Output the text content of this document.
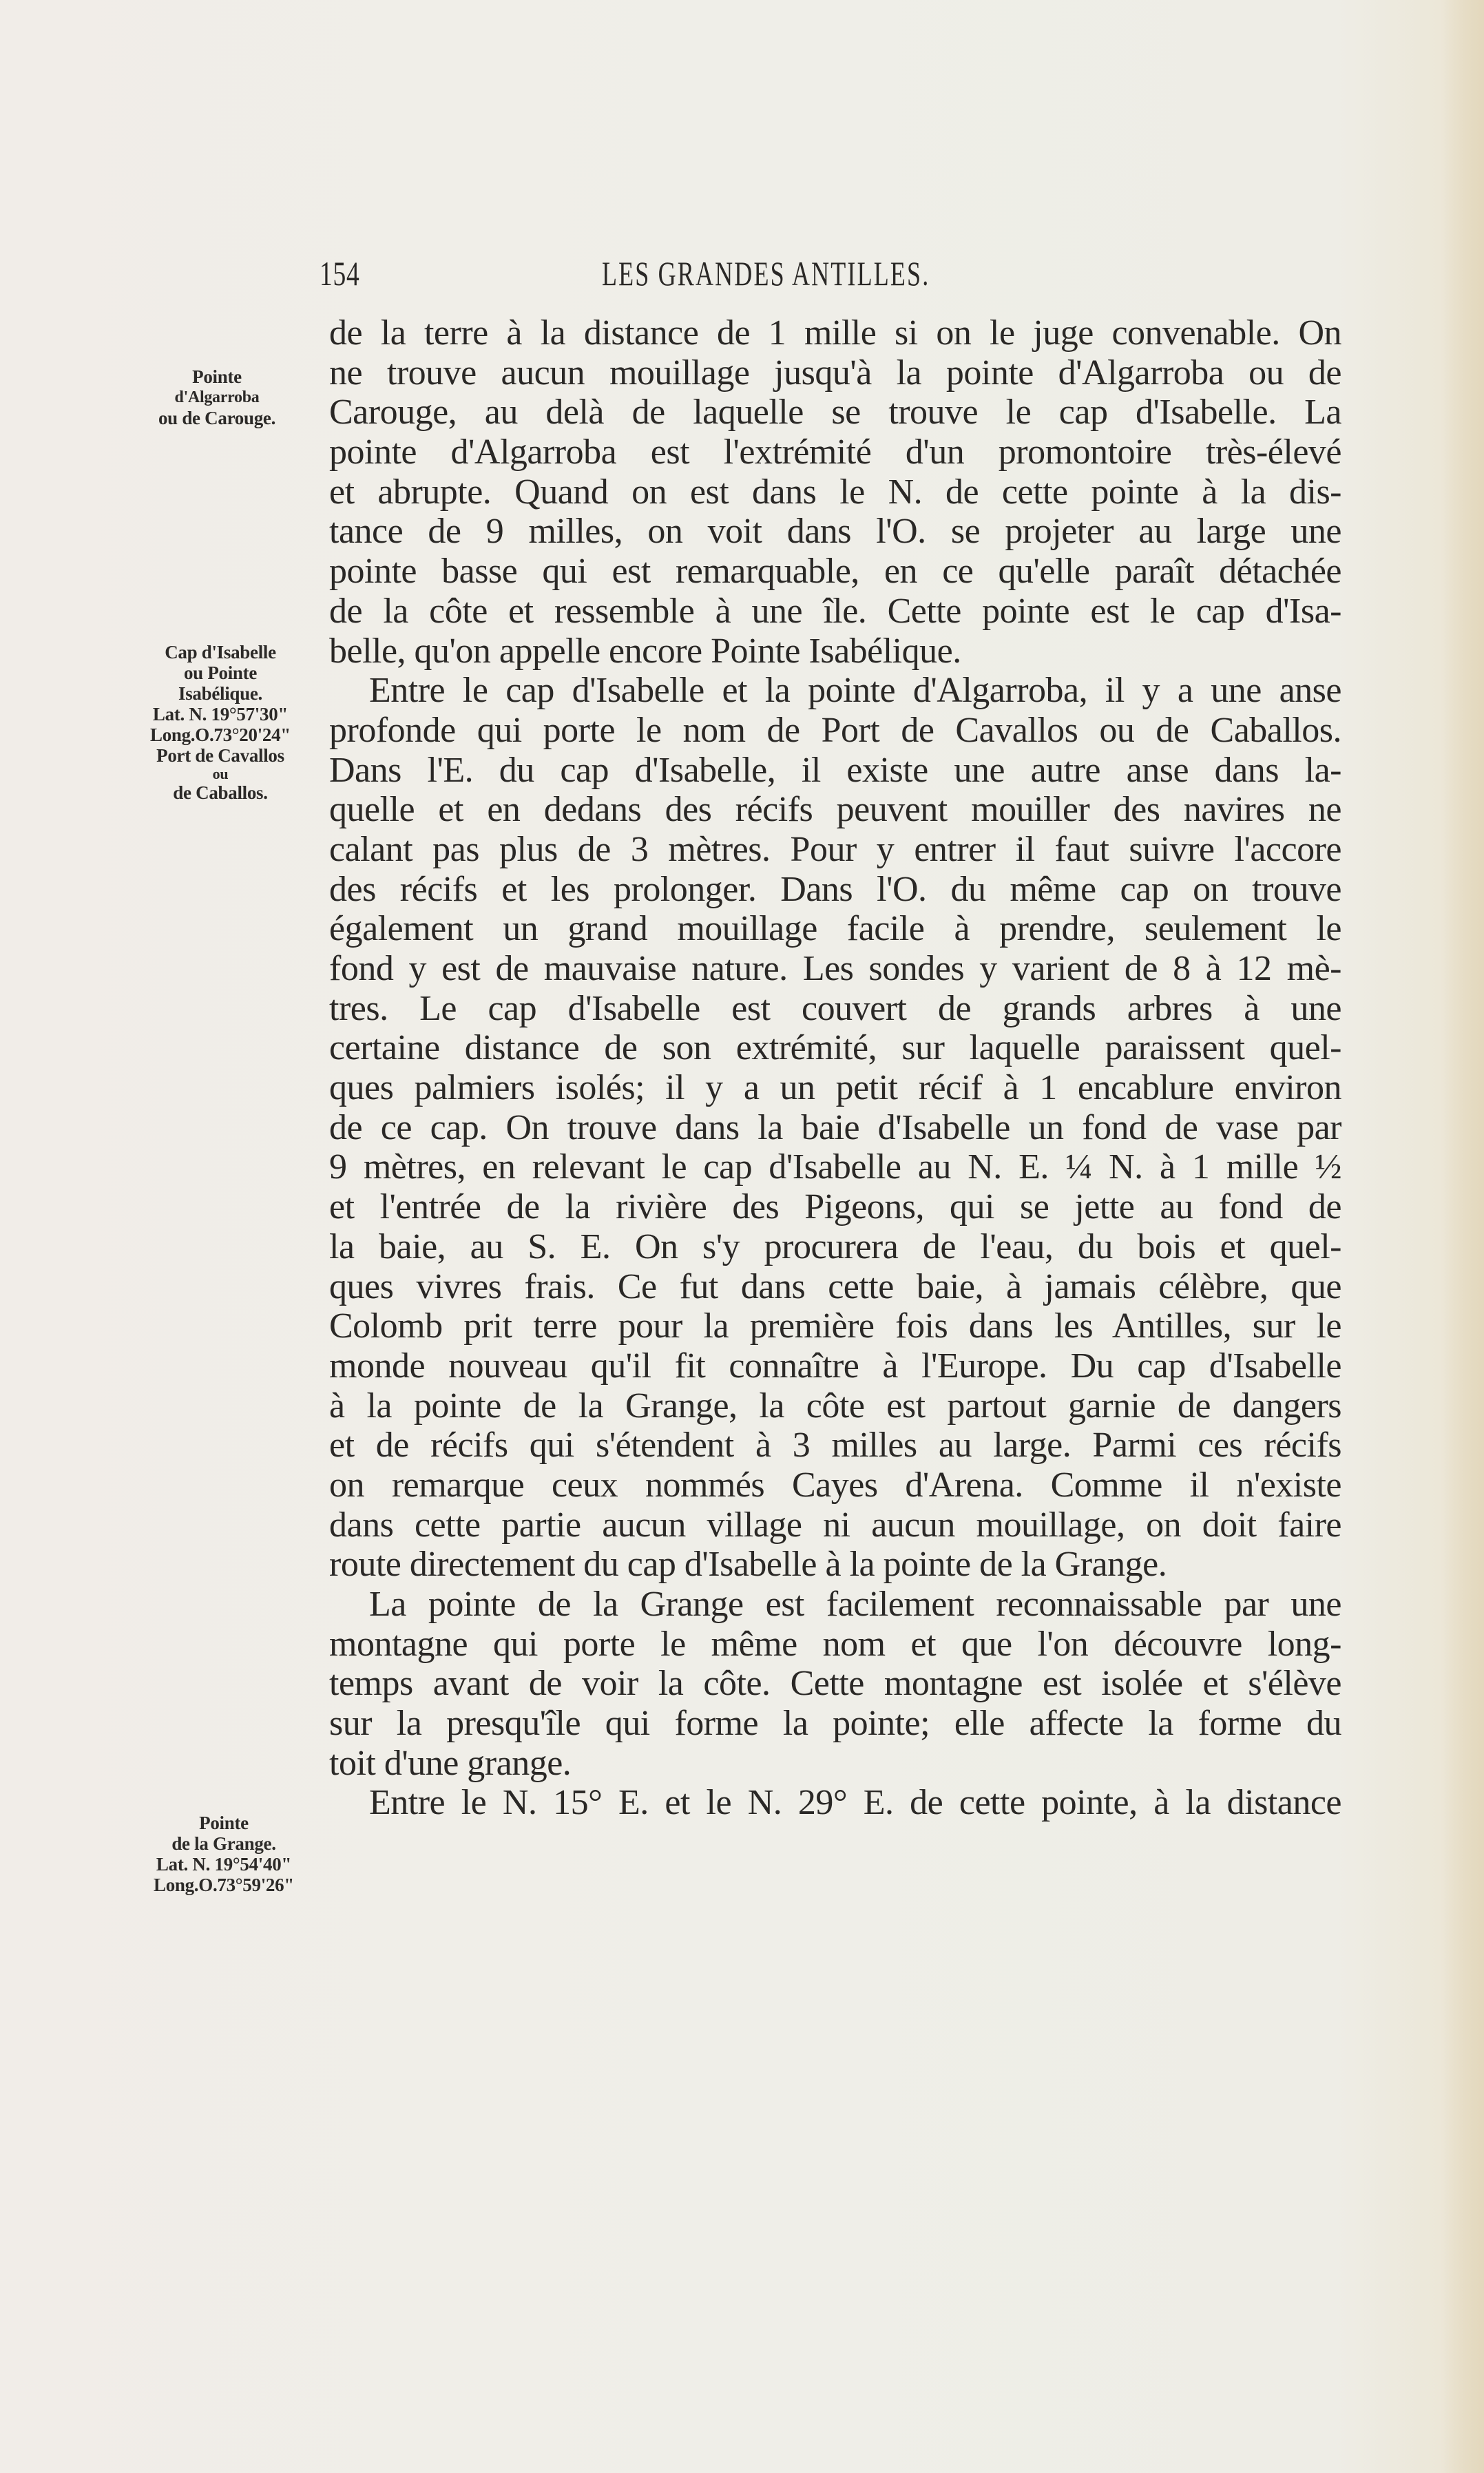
154	LES GRANDES ANTILLES.
Pointe
d'Algarroba
ou de Carouge.
Cap d'Isabelle
ou Pointe
Isabélique.
Lat. N. 19°57'30"
Long.O.73°20'24"
Port de Cavallos
ou
de Caballos.
Pointe
de la Grange.
Lat. N. 19°54'40"
Long.O.73°59'26"
de la terre à la distance de 1 mille si on le juge convenable. On
ne trouve aucun mouillage jusqu'à la pointe d'Algarroba ou de
Carouge, au delà de laquelle se trouve le cap d'Isabelle. La
pointe d'Algarroba est l'extrémité d'un promontoire très-élevé
et abrupte. Quand on est dans le N. de cette pointe à la dis-
tance de 9 milles, on voit dans l'O. se projeter au large une
pointe basse qui est remarquable, en ce qu'elle paraît détachée
de la côte et ressemble à une île. Cette pointe est le cap d'Isa-
belle, qu'on appelle encore Pointe Isabélique.
Entre le cap d'Isabelle et la pointe d'Algarroba, il y a une anse
profonde qui porte le nom de Port de Cavallos ou de Caballos.
Dans l'E. du cap d'Isabelle, il existe une autre anse dans la-
quelle et en dedans des récifs peuvent mouiller des navires ne
calant pas plus de 3 mètres. Pour y entrer il faut suivre l'accore
des récifs et les prolonger. Dans l'O. du même cap on trouve
également un grand mouillage facile à prendre, seulement le
fond y est de mauvaise nature. Les sondes y varient de 8 à 12 mè-
tres. Le cap d'Isabelle est couvert de grands arbres à une
certaine distance de son extrémité, sur laquelle paraissent quel-
ques palmiers isolés; il y a un petit récif à 1 encablure environ
de ce cap. On trouve dans la baie d'Isabelle un fond de vase par
9 mètres, en relevant le cap d'Isabelle au N. E. ¼ N. à 1 mille ½
et l'entrée de la rivière des Pigeons, qui se jette au fond de
la baie, au S. E. On s'y procurera de l'eau, du bois et quel-
ques vivres frais. Ce fut dans cette baie, à jamais célèbre, que
Colomb prit terre pour la première fois dans les Antilles, sur le
monde nouveau qu'il fit connaître à l'Europe. Du cap d'Isabelle
à la pointe de la Grange, la côte est partout garnie de dangers
et de récifs qui s'étendent à 3 milles au large. Parmi ces récifs
on remarque ceux nommés Cayes d'Arena. Comme il n'existe
dans cette partie aucun village ni aucun mouillage, on doit faire
route directement du cap d'Isabelle à la pointe de la Grange.
La pointe de la Grange est facilement reconnaissable par une
montagne qui porte le même nom et que l'on découvre long-
temps avant de voir la côte. Cette montagne est isolée et s'élève
sur la presqu'île qui forme la pointe; elle affecte la forme du
toit d'une grange.
Entre le N. 15° E. et le N. 29° E. de cette pointe, à la distance
